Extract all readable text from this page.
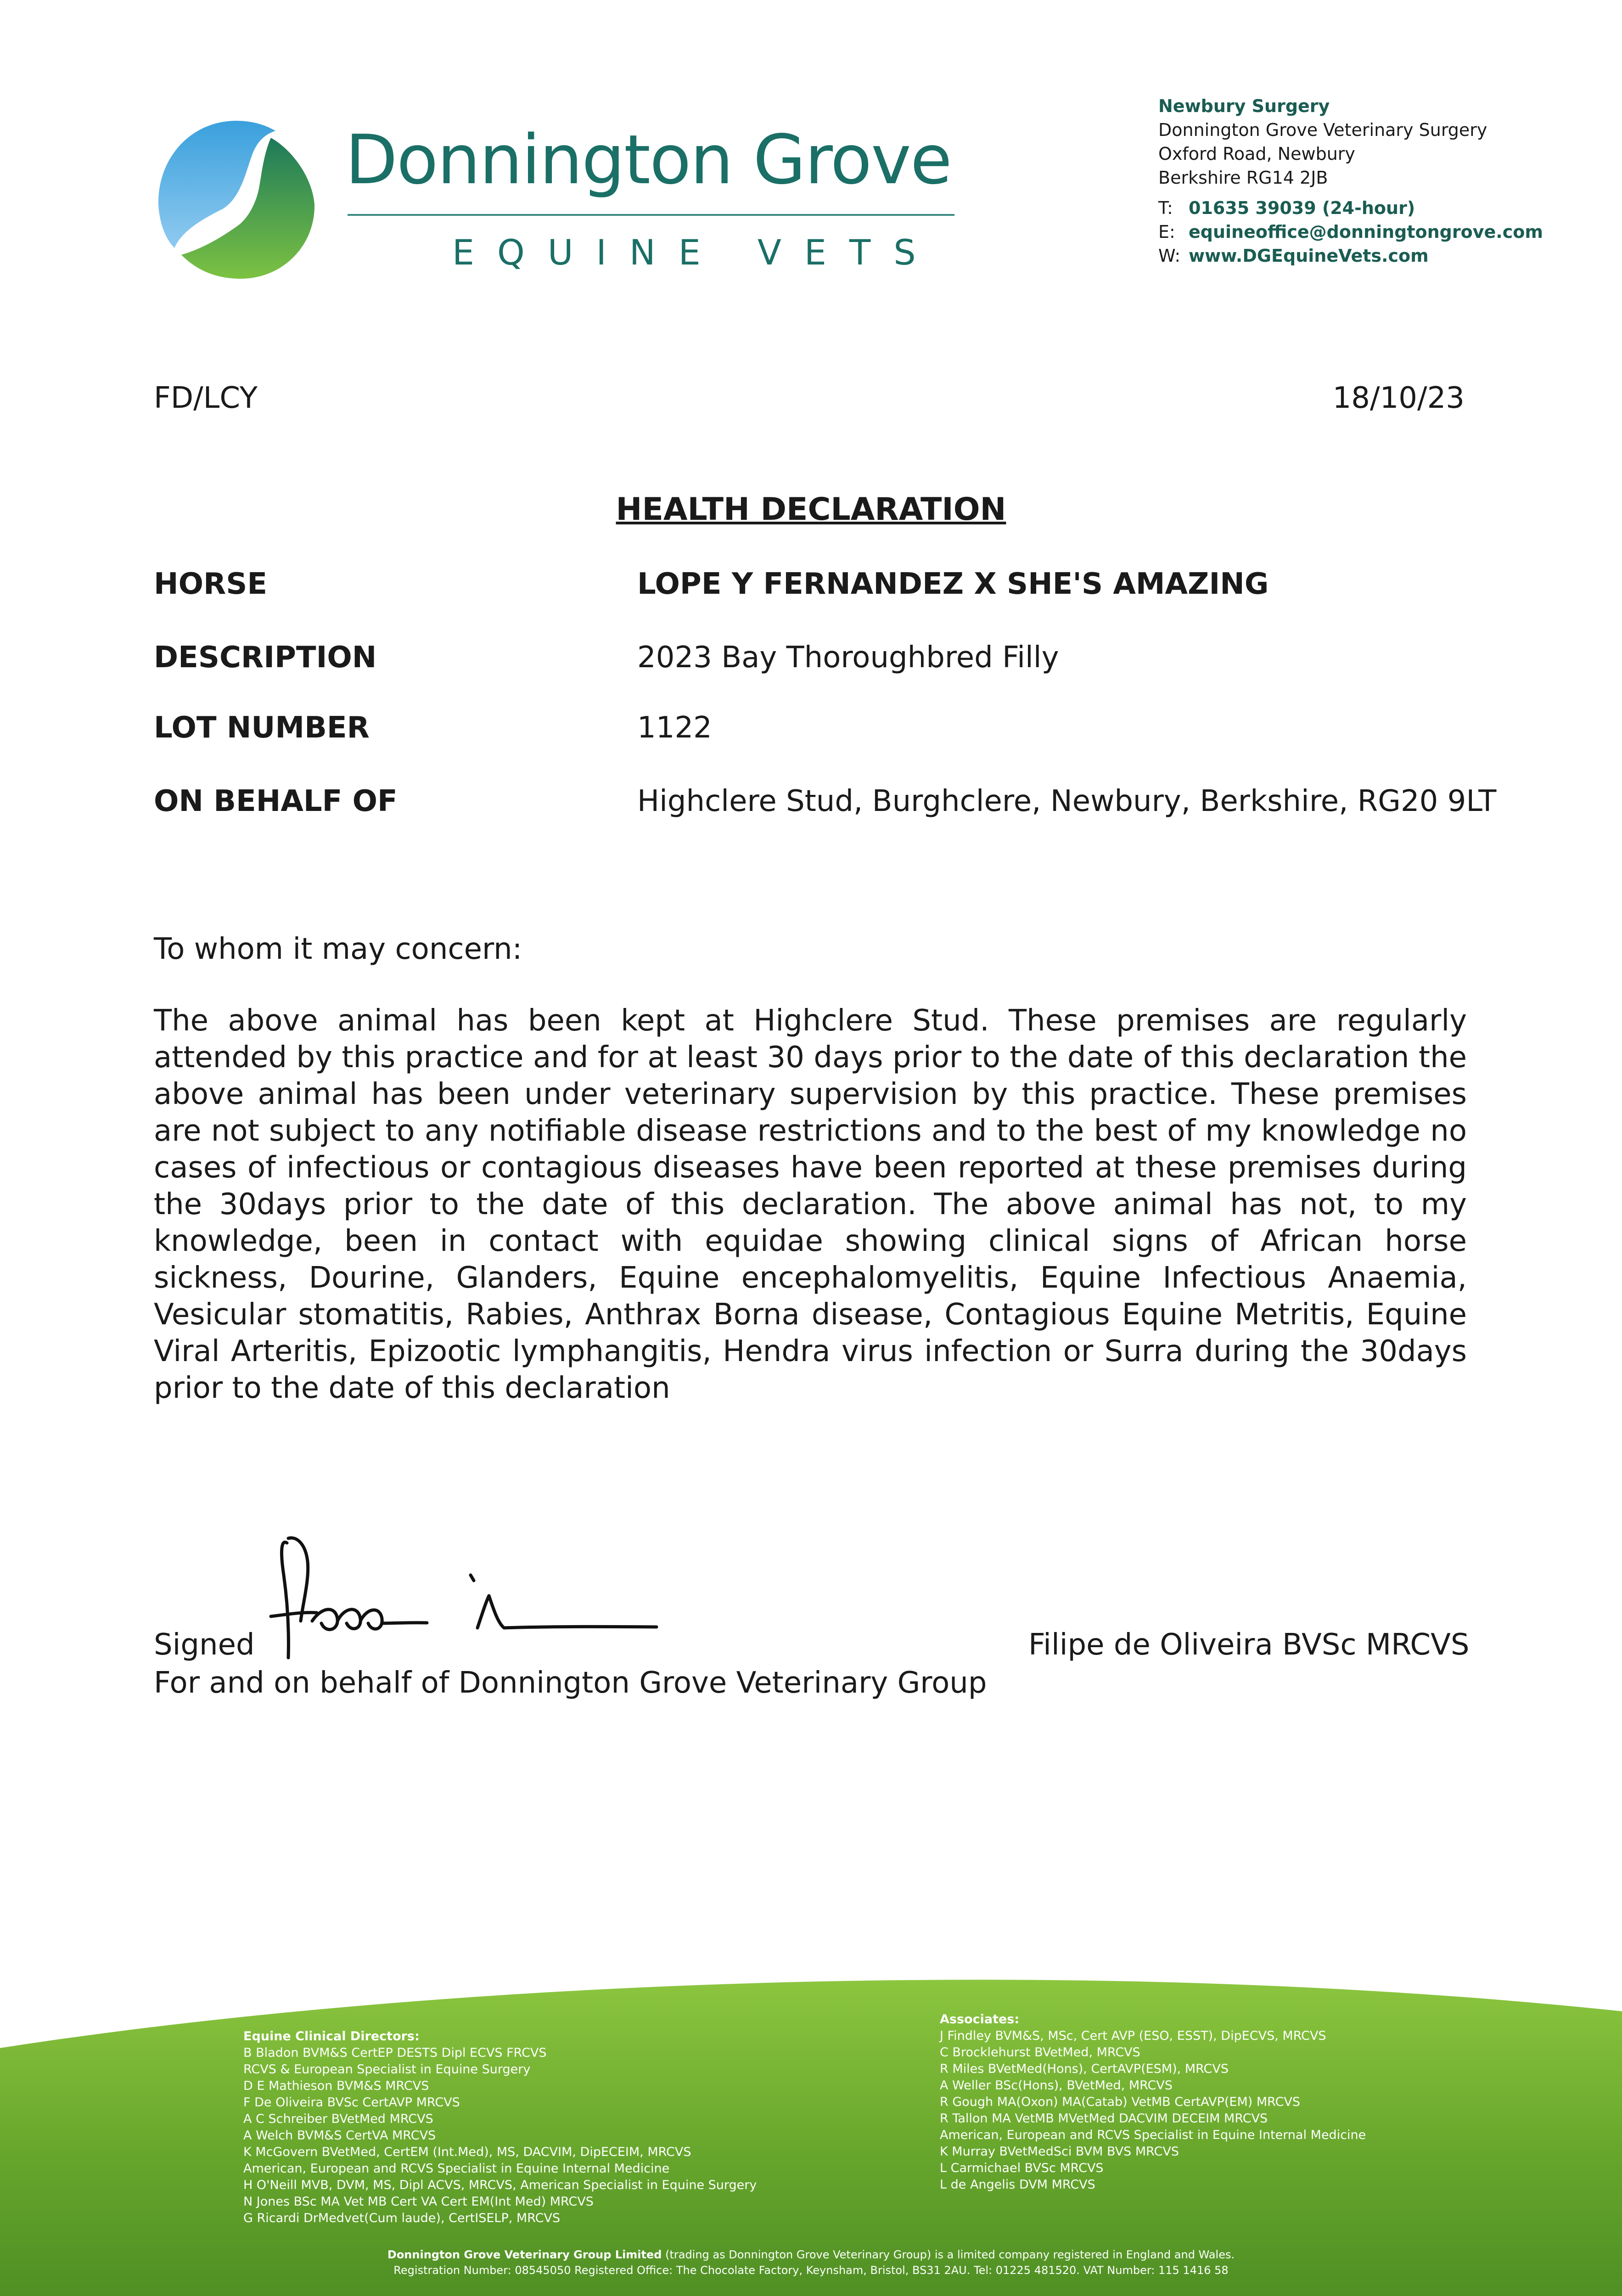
Donnington Grove
EQUINE VETS
Newbury Surgery
Donnington Grove Veterinary Surgery
Oxford Road, Newbury
Berkshire RG14 2JB
T: 01635 39039 (24-hour)
E: equineoffice@donningtongrove.com
W: www.DGEquineVets.com
FD/LCY	18/10/23
HEALTH DECLARATION
HORSE	LOPE Y FERNANDEZ X SHE'S AMAZING
DESCRIPTION	2023 Bay Thoroughbred Filly
LOT NUMBER	1122
ON BEHALF OF	Highclere Stud, Burghclere, Newbury, Berkshire, RG20 9LT
To whom it may concern:
The above animal has been kept at Highclere Stud. These premises are regularly attended by this practice and for at least 30 days prior to the date of this declaration the above animal has been under veterinary supervision by this practice. These premises are not subject to any notifiable disease restrictions and to the best of my knowledge no cases of infectious or contagious diseases have been reported at these premises during the 30days prior to the date of this declaration. The above animal has not, to my knowledge, been in contact with equidae showing clinical signs of African horse sickness, Dourine, Glanders, Equine encephalomyelitis, Equine Infectious Anaemia, Vesicular stomatitis, Rabies, Anthrax Borna disease, Contagious Equine Metritis, Equine Viral Arteritis, Epizootic lymphangitis, Hendra virus infection or Surra during the 30days prior to the date of this declaration
Signed	Filipe de Oliveira BVSc MRCVS
For and on behalf of Donnington Grove Veterinary Group
Equine Clinical Directors:
B Bladon BVM&S CertEP DESTS Dipl ECVS FRCVS
RCVS & European Specialist in Equine Surgery
D E Mathieson BVM&S MRCVS
F De Oliveira BVSc CertAVP MRCVS
A C Schreiber BVetMed MRCVS
A Welch BVM&S CertVA MRCVS
K McGovern BVetMed, CertEM (Int.Med), MS, DACVIM, DipECEIM, MRCVS
American, European and RCVS Specialist in Equine Internal Medicine
H O'Neill MVB, DVM, MS, Dipl ACVS, MRCVS, American Specialist in Equine Surgery
N Jones BSc MA Vet MB Cert VA Cert EM(Int Med) MRCVS
G Ricardi DrMedvet(Cum laude), CertISELP, MRCVS
Associates:
J Findley BVM&S, MSc, Cert AVP (ESO, ESST), DipECVS, MRCVS
C Brocklehurst BVetMed, MRCVS
R Miles BVetMed(Hons), CertAVP(ESM), MRCVS
A Weller BSc(Hons), BVetMed, MRCVS
R Gough MA(Oxon) MA(Catab) VetMB CertAVP(EM) MRCVS
R Tallon MA VetMB MVetMed DACVIM DECEIM MRCVS
American, European and RCVS Specialist in Equine Internal Medicine
K Murray BVetMedSci BVM BVS MRCVS
L Carmichael BVSc MRCVS
L de Angelis DVM MRCVS
Donnington Grove Veterinary Group Limited (trading as Donnington Grove Veterinary Group) is a limited company registered in England and Wales.
Registration Number: 08545050 Registered Office: The Chocolate Factory, Keynsham, Bristol, BS31 2AU. Tel: 01225 481520. VAT Number: 115 1416 58
